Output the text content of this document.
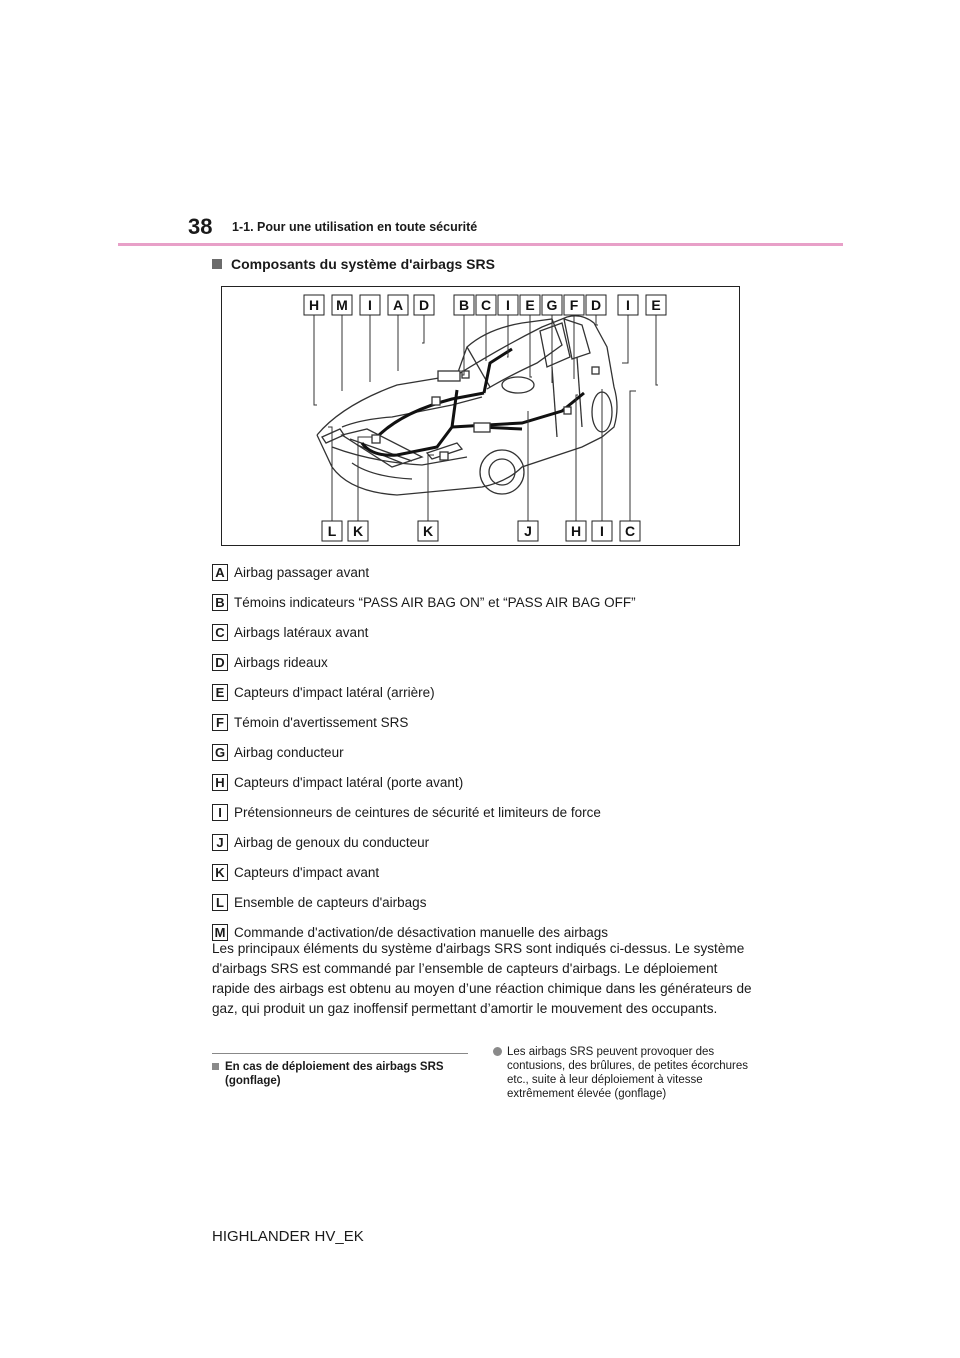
38 1-1. Pour une utilisation en toute sécurité
Composants du système d'airbags SRS
H M I A D B C I E G F D I E
L K	K	J	H I C
A Airbag passager avant
B Témoins indicateurs “PASS AIR BAG ON” et “PASS AIR BAG OFF”
C Airbags latéraux avant
D Airbags rideaux
E Capteurs d'impact latéral (arrière)
F Témoin d'avertissement SRS
G Airbag conducteur
H Capteurs d'impact latéral (porte avant)
I Prétensionneurs de ceintures de sécurité et limiteurs de force
J Airbag de genoux du conducteur
K Capteurs d'impact avant
L Ensemble de capteurs d'airbags
M Commande d'activation/de désactivation manuelle des airbags
Les principaux éléments du système d'airbags SRS sont indiqués ci-dessus. Le système d'airbags SRS est commandé par l’ensemble de capteurs d'airbags. Le déploiement rapide des airbags est obtenu au moyen d’une réaction chimique dans les générateurs de gaz, qui produit un gaz inoffensif permettant d’amortir le mouvement des occupants.
En cas de déploiement des airbags SRS (gonflage)
Les airbags SRS peuvent provoquer des contusions, des brûlures, de petites écorchures etc., suite à leur déploiement à vitesse extrêmement élevée (gonflage)
HIGHLANDER HV_EK
